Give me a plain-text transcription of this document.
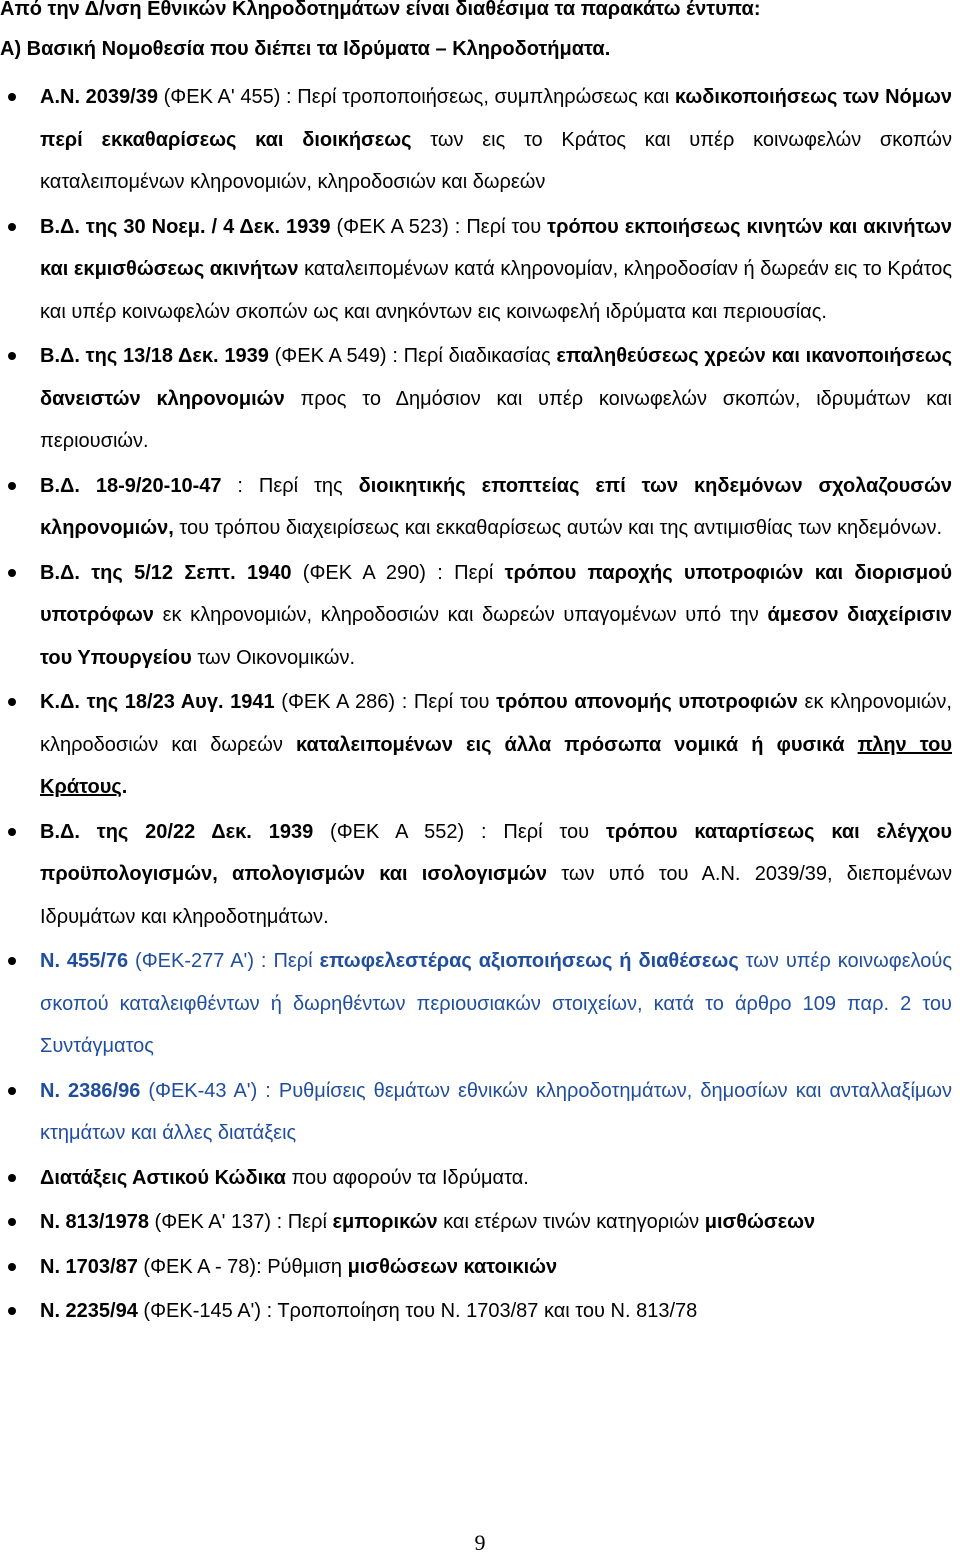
Από την Δ/νση Εθνικών Κληροδοτημάτων είναι διαθέσιμα τα παρακάτω έντυπα:
Α) Βασική Νομοθεσία που διέπει τα Ιδρύματα – Κληροδοτήματα.
Α.Ν. 2039/39 (ΦΕΚ Α' 455) : Περί τροποποιήσεως, συμπληρώσεως και κωδικοποιήσεως των Νόμων περί εκκαθαρίσεως και διοικήσεως των εις το Κράτος και υπέρ κοινωφελών σκοπών καταλειπομένων κληρονομιών, κληροδοσιών και δωρεών
Β.Δ. της 30 Νοεμ. / 4 Δεκ. 1939 (ΦΕΚ Α 523) : Περί του τρόπου εκποιήσεως κινητών και ακινήτων και εκμισθώσεως ακινήτων καταλειπομένων κατά κληρονομίαν, κληροδοσίαν ή δωρεάν εις το Κράτος και υπέρ κοινωφελών σκοπών ως και ανηκόντων εις κοινωφελή ιδρύματα και περιουσίας.
Β.Δ. της 13/18 Δεκ. 1939 (ΦΕΚ Α 549) : Περί διαδικασίας επαληθεύσεως χρεών και ικανοποιήσεως δανειστών κληρονομιών προς το Δημόσιον και υπέρ κοινωφελών σκοπών, ιδρυμάτων και περιουσιών.
Β.Δ. 18-9/20-10-47 : Περί της διοικητικής εποπτείας επί των κηδεμόνων σχολαζουσών κληρονομιών, του τρόπου διαχειρίσεως και εκκαθαρίσεως αυτών και της αντιμισθίας των κηδεμόνων.
Β.Δ. της 5/12 Σεπτ. 1940 (ΦΕΚ Α 290) : Περί τρόπου παροχής υποτροφιών και διορισμού υποτρόφων εκ κληρονομιών, κληροδοσιών και δωρεών υπαγομένων υπό την άμεσον διαχείρισιν του Υπουργείου των Οικονομικών.
Κ.Δ. της 18/23 Αυγ. 1941 (ΦΕΚ Α 286) : Περί του τρόπου απονομής υποτροφιών εκ κληρονομιών, κληροδοσιών και δωρεών καταλειπομένων εις άλλα πρόσωπα νομικά ή φυσικά πλην του Κράτους.
Β.Δ. της 20/22 Δεκ. 1939 (ΦΕΚ Α 552) : Περί του τρόπου καταρτίσεως και ελέγχου προϋπολογισμών, απολογισμών και ισολογισμών των υπό του Α.Ν. 2039/39, διεπομένων Ιδρυμάτων και κληροδοτημάτων.
Ν. 455/76 (ΦΕΚ-277 Α') : Περί επωφελεστέρας αξιοποιήσεως ή διαθέσεως των υπέρ κοινωφελούς σκοπού καταλειφθέντων ή δωρηθέντων περιουσιακών στοιχείων, κατά το άρθρο 109 παρ. 2 του Συντάγματος
Ν. 2386/96 (ΦΕΚ-43 Α') : Ρυθμίσεις θεμάτων εθνικών κληροδοτημάτων, δημοσίων και ανταλλαξίμων κτημάτων και άλλες διατάξεις
Διατάξεις Αστικού Κώδικα που αφορούν τα Ιδρύματα.
Ν. 813/1978 (ΦΕΚ Α' 137) : Περί εμπορικών και ετέρων τινών κατηγοριών μισθώσεων
Ν. 1703/87 (ΦΕΚ Α - 78): Ρύθμιση μισθώσεων κατοικιών
Ν. 2235/94 (ΦΕΚ-145 Α') : Τροποποίηση του Ν. 1703/87 και του Ν. 813/78
9
